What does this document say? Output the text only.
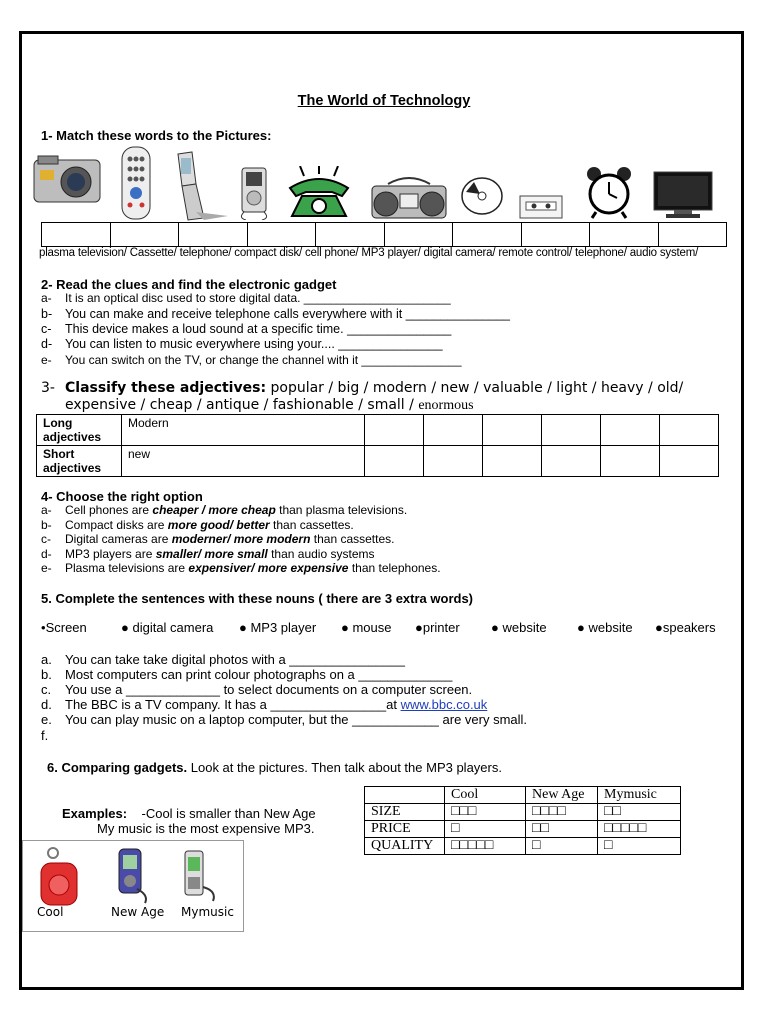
The World of Technology
1- Match these words to the Pictures:
plasma television/ Cassette/ telephone/ compact disk/ cell phone/ MP3 player/ digital camera/ remote control/ telephone/ audio system/
2- Read the clues and find the electronic gadget
a- It is an optical disc used to store digital data. ______________________
b- You can make and receive telephone calls everywhere with it _______________
c- This device makes a loud sound at a specific time. _______________
d- You can listen to music everywhere using your.... _______________
e- You can switch on the TV, or change the channel with it _______________
3- Classify these adjectives: popular / big / modern / new / valuable / light / heavy / old/
expensive / cheap / antique / fashionable / small / enormous
Long adjectives	Modern						
Short adjectives	new						
4- Choose the right option
a- Cell phones are cheaper / more cheap than plasma televisions.
b- Compact disks are more good/ better than cassettes.
c- Digital cameras are moderner/ more modern than cassettes.
d- MP3 players are smaller/ more small than audio systems
e- Plasma televisions are expensiver/ more expensive than telephones.
5. Complete the sentences with these nouns ( there are 3 extra words)
• Screen	● digital camera ● MP3 player ● mouse ● printer ● website ● website ● speakers
a. You can take take digital photos with a ________________
b. Most computers can print colour photographs on a _____________
c. You use a _____________ to select documents on a computer screen.
d. The BBC is a TV company. It has a ________________at www.bbc.co.uk
e. You can play music on a laptop computer, but the ____________ are very small.
f.
6. Comparing gadgets. Look at the pictures. Then talk about the MP3 players.
Examples: -Cool is smaller than New Age
My music is the most expensive MP3.
	Cool	New Age	Mymusic
SIZE	□□□	□□□□	□□
PRICE	□	□□	□□□□□
QUALITY	□□□□□	□	□
Cool	New Age Mymusic
